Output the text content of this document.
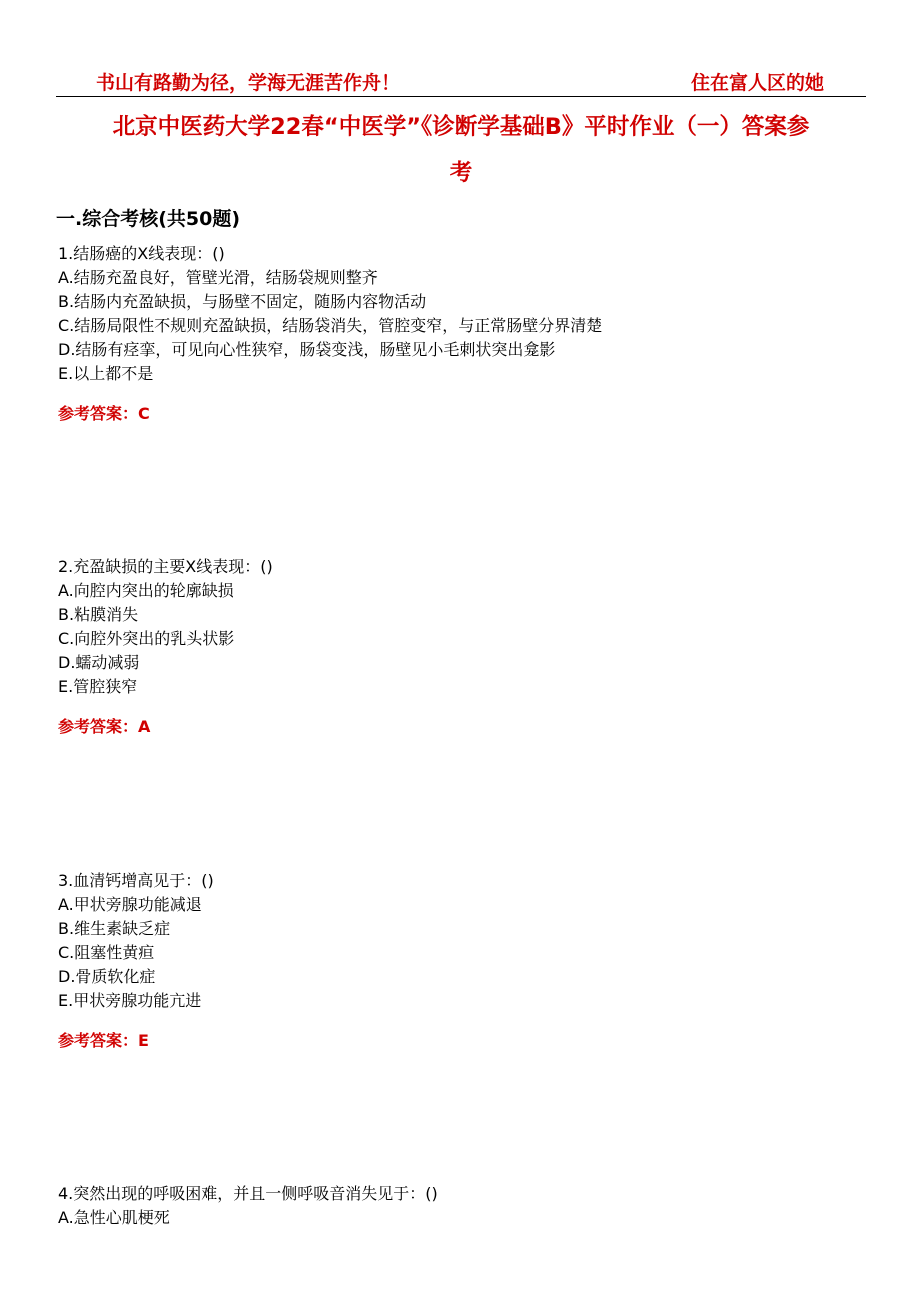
书山有路勤为径，学海无涯苦作舟！	住在富人区的她
北京中医药大学22春“中医学”《诊断学基础B》平时作业（一）答案参
考
一.综合考核(共50题)
1.结肠癌的X线表现：()
A.结肠充盈良好，管壁光滑，结肠袋规则整齐
B.结肠内充盈缺损，与肠壁不固定，随肠内容物活动
C.结肠局限性不规则充盈缺损，结肠袋消失，管腔变窄，与正常肠壁分界清楚
D.结肠有痉挛，可见向心性狭窄，肠袋变浅，肠壁见小毛刺状突出龛影
E.以上都不是
参考答案：C
2.充盈缺损的主要X线表现：()
A.向腔内突出的轮廓缺损
B.粘膜消失
C.向腔外突出的乳头状影
D.蠕动减弱
E.管腔狭窄
参考答案：A
3.血清钙增高见于：()
A.甲状旁腺功能减退
B.维生素缺乏症
C.阻塞性黄疸
D.骨质软化症
E.甲状旁腺功能亢进
参考答案：E
4.突然出现的呼吸困难，并且一侧呼吸音消失见于：()
A.急性心肌梗死
